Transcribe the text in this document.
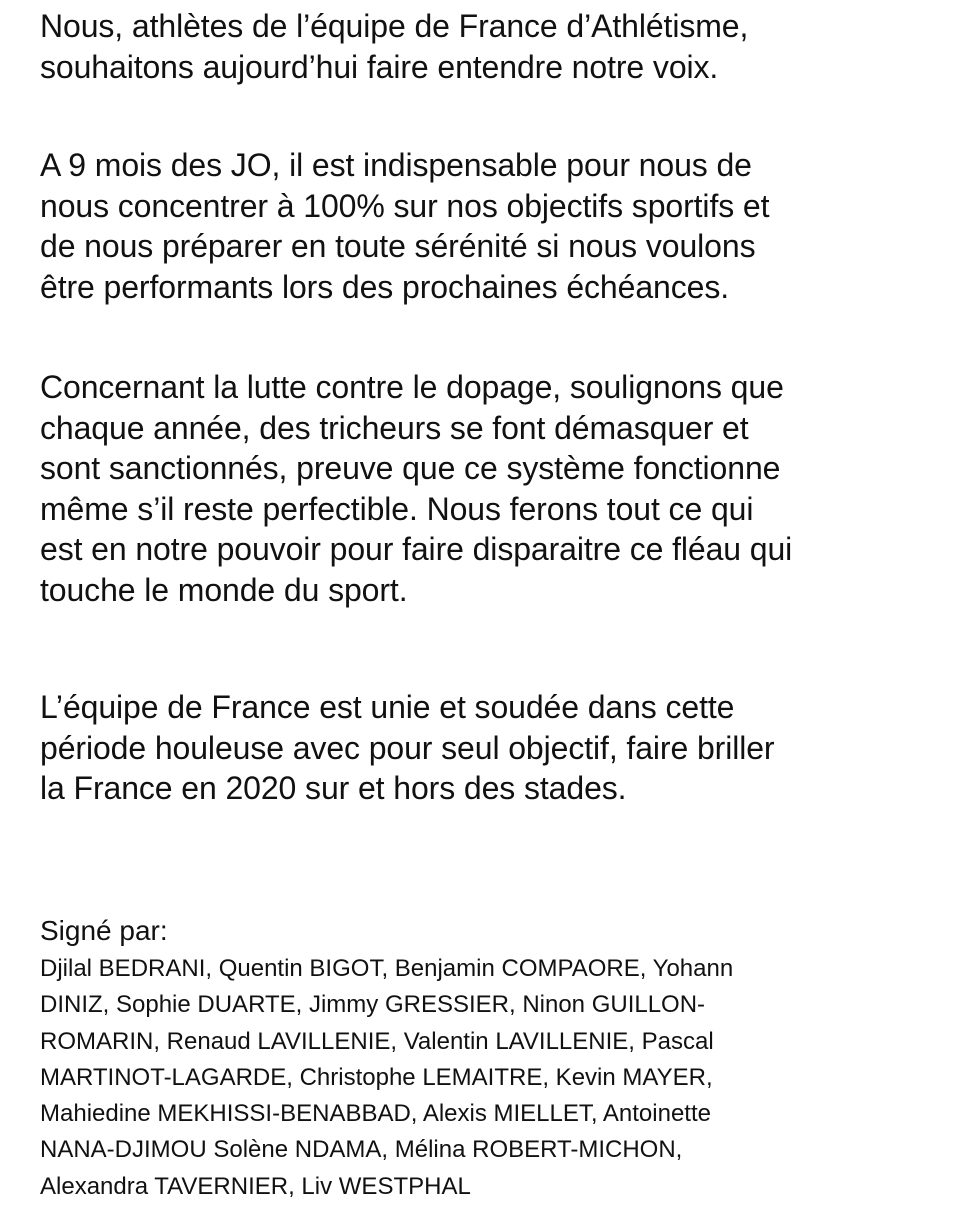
Nous, athlètes de l’équipe de France d’Athlétisme,
souhaitons aujourd’hui faire entendre notre voix.

A 9 mois des JO, il est indispensable pour nous de
nous concentrer à 100% sur nos objectifs sportifs et
de nous préparer en toute sérénité si nous voulons
être performants lors des prochaines échéances.

Concernant la lutte contre le dopage, soulignons que
chaque année, des tricheurs se font démasquer et
sont sanctionnés, preuve que ce système fonctionne
même s’il reste perfectible. Nous ferons tout ce qui
est en notre pouvoir pour faire disparaitre ce fléau qui
touche le monde du sport.

L’équipe de France est unie et soudée dans cette
période houleuse avec pour seul objectif, faire briller
la France en 2020 sur et hors des stades.

Signé par:

Djilal BEDRANI, Quentin BIGOT, Benjamin COMPAORE, Yohann
DINIZ, Sophie DUARTE, Jimmy GRESSIER, Ninon GUILLON-
ROMARIN, Renaud LAVILLENIE, Valentin LAVILLENIE, Pascal
MARTINOT-LAGARDE, Christophe LEMAITRE, Kevin MAYER,
Mahiedine MEKHISSI-BENABBAD, Alexis MIELLET, Antoinette
NANA-DJIMOU Solène NDAMA, Mélina ROBERT-MICHON,
Alexandra TAVERNIER, Liv WESTPHAL
